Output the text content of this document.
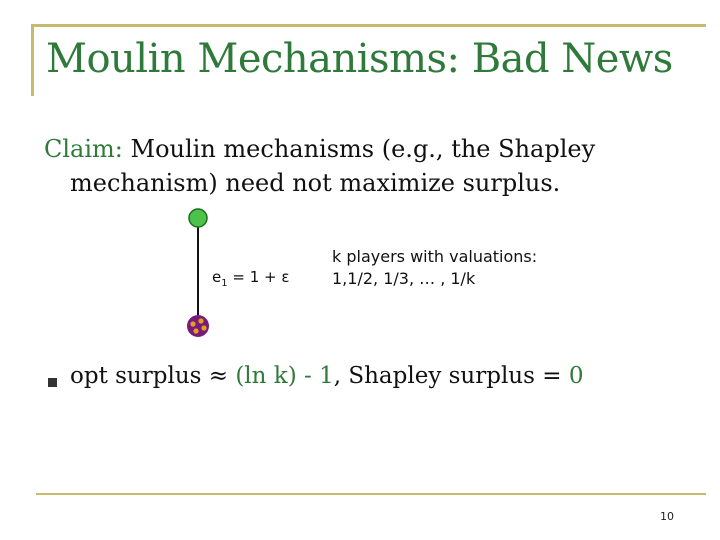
Moulin Mechanisms: Bad News
Claim: Moulin mechanisms (e.g., the Shapley
mechanism) need not maximize surplus.
$e_1 = 1 + \varepsilon$
k players with valuations:
1,1/2, 1/3, … , 1/k
opt surplus ≈ (ln k) - 1, Shapley surplus = 0
10
